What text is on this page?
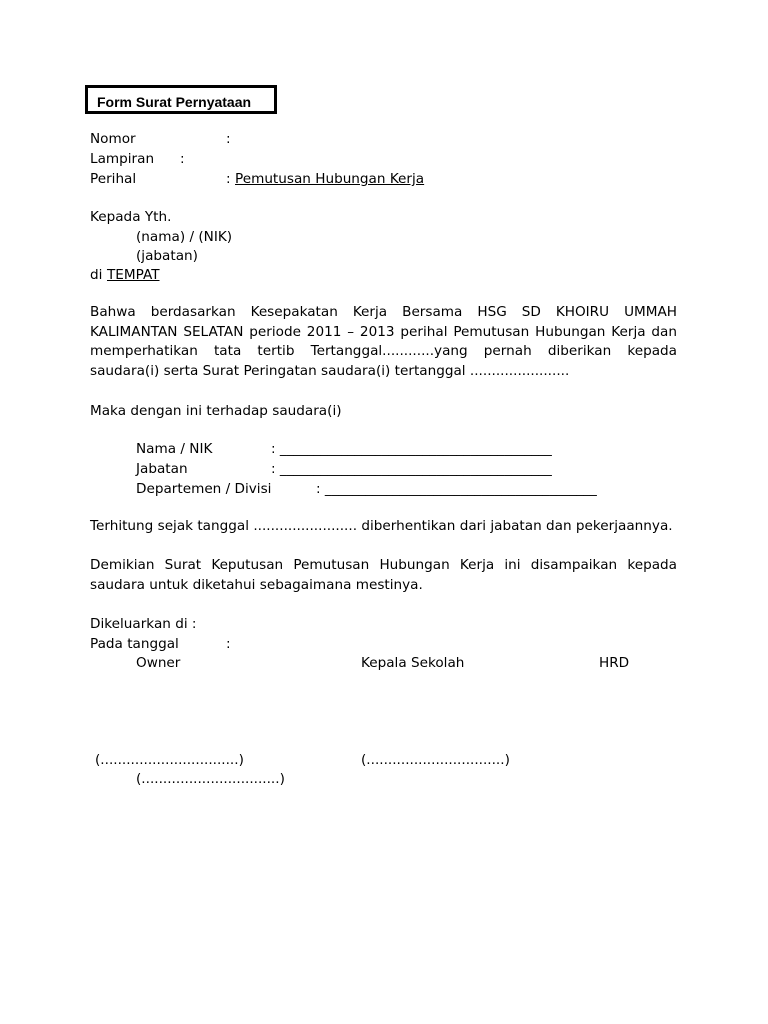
Form Surat Pernyataan
Nomor	:
Lampiran :
Perihal	: Pemutusan Hubungan Kerja
Kepada Yth.
(nama) / (NIK)
(jabatan)
di TEMPAT
Bahwa berdasarkan Kesepakatan Kerja Bersama HSG SD KHOIRU UMMAH KALIMANTAN SELATAN periode 2011 – 2013 perihal Pemutusan Hubungan Kerja dan memperhatikan tata tertib Tertanggal............yang pernah diberikan kepada saudara(i) serta Surat Peringatan saudara(i) tertanggal .......................
Maka dengan ini terhadap saudara(i)
Nama / NIK	: ________________________________________
Jabatan	: ________________________________________
Departemen / Divisi	: ________________________________________
Terhitung sejak tanggal ........................ diberhentikan dari jabatan dan pekerjaannya.
Demikian Surat Keputusan Pemutusan Hubungan Kerja ini disampaikan kepada saudara untuk diketahui sebagaimana mestinya.
Dikeluarkan di :
Pada tanggal	:
Owner	Kepala Sekolah	HRD
(................................)	(................................)
(................................)
